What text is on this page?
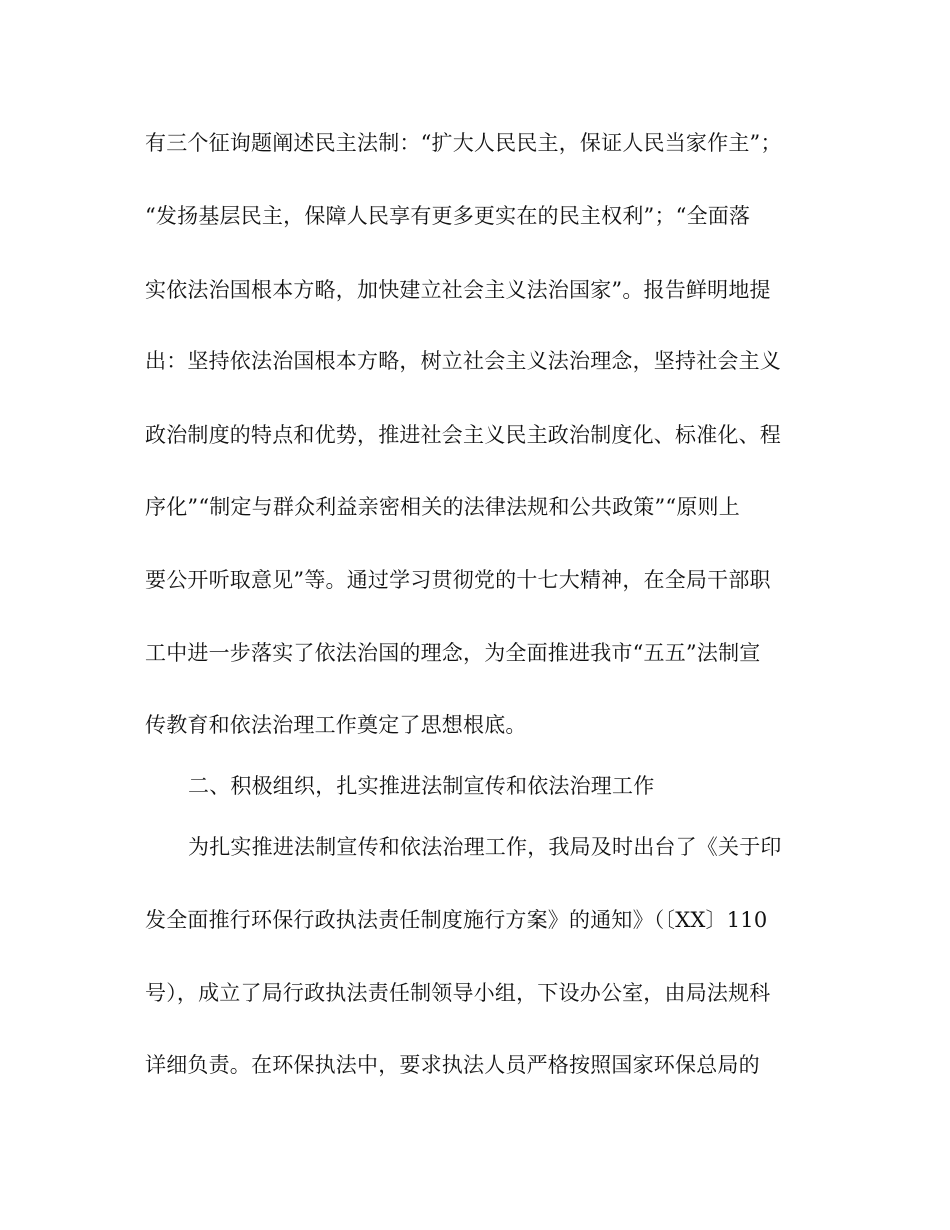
有三个征询题阐述民主法制：“扩大人民民主，保证人民当家作主”；
“发扬基层民主，保障人民享有更多更实在的民主权利”；“全面落
实依法治国根本方略，加快建立社会主义法治国家”。报告鲜明地提
出：坚持依法治国根本方略，树立社会主义法治理念，坚持社会主义
政治制度的特点和优势，推进社会主义民主政治制度化、标准化、程
序化”“制定与群众利益亲密相关的法律法规和公共政策”“原则上
要公开听取意见”等。通过学习贯彻党的十七大精神，在全局干部职
工中进一步落实了依法治国的理念，为全面推进我市“五五”法制宣
传教育和依法治理工作奠定了思想根底。
二、积极组织，扎实推进法制宣传和依法治理工作
为扎实推进法制宣传和依法治理工作，我局及时出台了《关于印
发全面推行环保行政执法责任制度施行方案》的通知》（〔XX〕110
号），成立了局行政执法责任制领导小组，下设办公室，由局法规科
详细负责。在环保执法中，要求执法人员严格按照国家环保总局的
